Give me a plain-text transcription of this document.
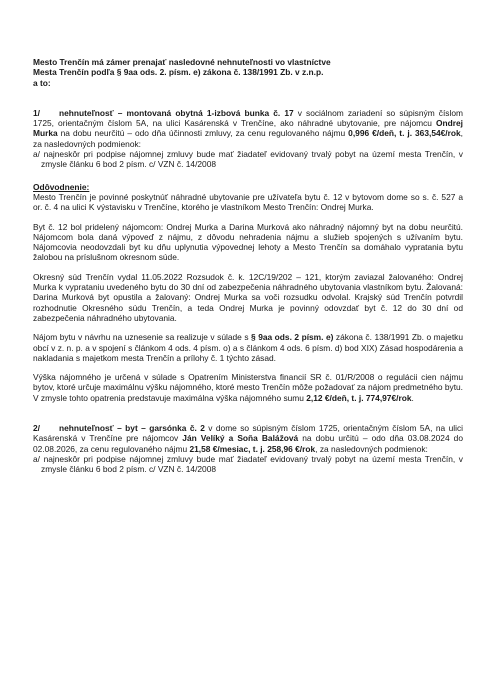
Mesto Trenčín má zámer prenajať nasledovné nehnuteľnosti vo vlastníctve
Mesta Trenčín podľa § 9aa ods. 2. písm. e) zákona č. 138/1991 Zb. v z.n.p.
a to:

1/ nehnuteľnosť – montovaná obytná 1-izbová bunka č. 17 v sociálnom zariadení so súpisným číslom 1725, orientačným číslom 5A, na ulici Kasárenská v Trenčíne, ako náhradné ubytovanie, pre nájomcu Ondrej Murka na dobu neurčitú – odo dňa účinnosti zmluvy, za cenu regulovaného nájmu 0,996 €/deň, t. j. 363,54€/rok, za nasledovných podmienok:

a/ najneskôr pri podpise nájomnej zmluvy bude mať žiadateľ evidovaný trvalý pobyt na území mesta Trenčín, v zmysle článku 6 bod 2 písm. c/ VZN č. 14/2008

Odôvodnenie:

Mesto Trenčín je povinné poskytnúť náhradné ubytovanie pre užívateľa bytu č. 12 v bytovom dome so s. č. 527 a or. č. 4 na ulici K výstavisku v Trenčíne, ktorého je vlastníkom Mesto Trenčín: Ondrej Murka.

Byt č. 12 bol pridelený nájomcom: Ondrej Murka a Darina Murková ako náhradný nájomný byt na dobu neurčitú. Nájomcom bola daná výpoveď z nájmu, z dôvodu nehradenia nájmu a služieb spojených s užívaním bytu. Nájomcovia neodovzdali byt ku dňu uplynutia výpovednej lehoty a Mesto Trenčín sa domáhalo vypratania bytu žalobou na príslušnom okresnom súde.

Okresný súd Trenčín vydal 11.05.2022 Rozsudok č. k. 12C/19/202 – 121, ktorým zaviazal žalovaného: Ondrej Murka k vyprataniu uvedeného bytu do 30 dní od zabezpečenia náhradného ubytovania vlastníkom bytu. Žalovaná: Darina Murková byt opustila a žalovaný: Ondrej Murka sa voči rozsudku odvolal. Krajský súd Trenčín potvrdil rozhodnutie Okresného súdu Trenčín, a teda Ondrej Murka je povinný odovzdať byt č. 12 do 30 dní od zabezpečenia náhradného ubytovania.

Nájom bytu v návrhu na uznesenie sa realizuje v súlade s § 9aa ods. 2 písm. e) zákona č. 138/1991 Zb. o majetku obcí v z. n. p. a v spojení s článkom 4 ods. 4 písm. o) a s článkom 4 ods. 6 písm. d) bod XIX) Zásad hospodárenia a nakladania s majetkom mesta Trenčín a prílohy č. 1 týchto zásad.

Výška nájomného je určená v súlade s Opatrením Ministerstva financií SR č. 01/R/2008 o regulácii cien nájmu bytov, ktoré určuje maximálnu výšku nájomného, ktoré mesto Trenčín môže požadovať za nájom predmetného bytu. V zmysle tohto opatrenia predstavuje maximálna výška nájomného sumu 2,12 €/deň, t. j. 774,97€/rok.

2/ nehnuteľnosť – byt – garsónka č. 2 v dome so súpisným číslom 1725, orientačným číslom 5A, na ulici Kasárenská v Trenčíne pre nájomcov Ján Velíký a Soňa Balážová na dobu určitú – odo dňa 03.08.2024 do 02.08.2026, za cenu regulovaného nájmu 21,58 €/mesiac, t. j. 258,96 €/rok, za nasledovných podmienok:

a/ najneskôr pri podpise nájomnej zmluvy bude mať žiadateľ evidovaný trvalý pobyt na území mesta Trenčín, v zmysle článku 6 bod 2 písm. c/ VZN č. 14/2008
